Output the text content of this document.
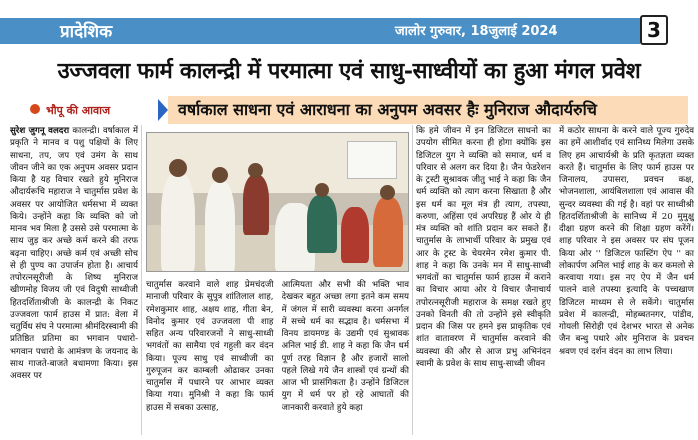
प्रादेशिक	जालोर गुरुवार, 18जुलाई 2024	3
उज्जवला फार्म कालन्द्री में परमात्मा एवं साधु-साध्वीयों का हुआ मंगल प्रवेश
वर्षाकाल साधना एवं आराधना का अनुपम अवसर हैः मुनिराज औदार्यरुचि
भौपू की आवाज
सुरेश जुगनू वलदरा कालन्द्री। वर्षाकाल में प्रकृति ने मानव व पशु पक्षियों के लिए साधना, तप, जप एवं उमंग के साथ जीवन जीने का एक अनुपम अवसर प्रदान किया है यह विचार रखते हुये मुनिराज औदार्यरूचि महाराज ने चातुर्मास प्रवेश के अवसर पर आयोजित धर्मसभा में व्यक्त किये। उन्होंने कहा कि व्यक्ति को जो मानव भव मिला है उससे उसे परमात्मा के साथ जुड़ कर अच्छे कर्म करने की तरफ बढ़ना चाहिए। अच्छे कर्म एवं अच्छी सोच से ही पुण्य का उपार्जन होता है। आचार्य तपोरत्नसूरीजी के शिष्य मुनिराज खीणमोह विजय जी एवं विदुषी साध्वीजी हितदर्शिताश्रीजी के कालन्द्री के निकट उज्जवला फार्म हाउस में प्रात: वेला में चतुर्विध संघ ने परमात्मा श्रीमंदिरस्वामी की प्रतिष्ठित प्रतिमा का भगवान पधारो-भगवान पधारो के आमंत्रण के जयनाद के साथ गाजते-बाजते बधामणा किया। इस अवसर पर
चातुर्मास करवाने वाले शाह प्रेमचंदजी मानाजी परिवार के सुपुत्र शांतिलाल शाह, रमेशकुमार शाह, अक्षय शाह, गीता बेन, विनोद कुमार एवं उज्जवला पी शाह सहित अन्य परिवारजनों ने साधु-साध्वी भगवंतों का सामैया एवं गहुली कर वंदन किया। पूज्य साधु एवं साध्वीजी का गुरुपूजन कर काम्बली ओढाकर उनका चातुर्मास में पधारने पर आभार व्यक्त किया गया। मुनिश्री ने कहा कि फार्म हाउस में सबका उत्साह,
आत्मियता और सभी की भक्ति भाव देखकर बहुत अच्छा लगा इतने कम समय में जंगल में सारी व्यवस्था करना अनर्गल में सच्चे धर्म का सद्भाव है। धर्मसभा में विनय डायमण्ड के उद्यमी एवं सुश्रावक अनिल भाई डी. शाह ने कहा कि जैन धर्म पूर्ण तरह विज्ञान है और हजारों सालो पहले लिखे गये जैन शास्त्रों एवं ग्रन्थों की आज भी प्रासंगिकता है। उन्होंने डिजिटल युग में धर्म पर हो रहे आघातों की जानकारी करवाते हुये कहा
कि हमे जीवन में इन डिजिटल साधनो का उपयोग सीमित करना ही होगा क्योंकि इस डिजिटल युग ने व्यक्ति को समाज, धर्म व परिवार से अलग कर दिया है। जैन फेडरेशन के ट्रस्टी सुश्रावक जीतु भाई ने कहा कि जैन धर्म व्यक्ति को त्याग करना सिखाता है और इस धर्म का मूल मंत्र ही त्याग, तपस्या, करुणा, अहिंसा एवं अपरिग्रह हैं ओर ये ही मंत्र व्यक्ति को शांति प्रदान कर सकते हैं। चातुर्मास के लाभार्थी परिवार के प्रमुख एवं आर के ट्रस्ट के चेयरमेन रमेश कुमार पी. शाह ने कहा कि उनके मन में साधु-साध्वी भगवंतों का चातुर्मास फार्म हाउस में कराने का विचार आया ओर ये विचार जैनाचार्य तपोरत्नसूरीजी महाराज के समक्ष रखते हुए उनको विनती की तो उन्होंने इसे स्वीकृति प्रदान की जिस पर हमने इस प्राकृतिक एवं शांत वातावरण में चातुर्मास करवाने की व्यवस्था की और से आज प्रभु अभिनंदन स्वामी के प्रवेश के साथ साधु-साध्वी जीवन
में कठोर साधना के करने वाले पूज्य गुरुदेव का हमें आशीर्वाद एवं सानिध्य मिलेगा उसके लिए हम आचार्यश्री के प्रति कृतज्ञता व्यक्त करते हैं। चातुर्मास के लिए फार्म हाउस पर जिनालय, उपासरा, प्रवचन कक्ष, भोजनशाला, आयंबिलशाला एवं आवास की सुन्दर व्यवस्था की गई है। वहां पर साध्वीश्री हितदर्शिताश्रीजी के सानिध्य में 20 मुमुक्षु दीक्षा ग्रहण करने की शिक्षा ग्रहण करेंगें। शाह परिवार ने इस अवसर पर संघ पूजन किया ओर '' डिजिटल फास्टिंग ऐप '' का लोकार्पण अनिल भाई शाह के कर कमलो से करवाया गया। इस नए ऐप में जैन धर्म पालने वाले तपस्या इत्यादि के पच्चखाण डिजिटल माध्यम से ले सकेंगे। चातुर्मास प्रवेश में कालन्द्री, मोहब्बतनगर, पांडीव, गोयली सिरोही एवं देशभर भारत से अनेक जैन बन्धु पधारे ओर मुनिराज के प्रवचन श्रवण एवं दर्शन वंदन का लाभ लिया।
